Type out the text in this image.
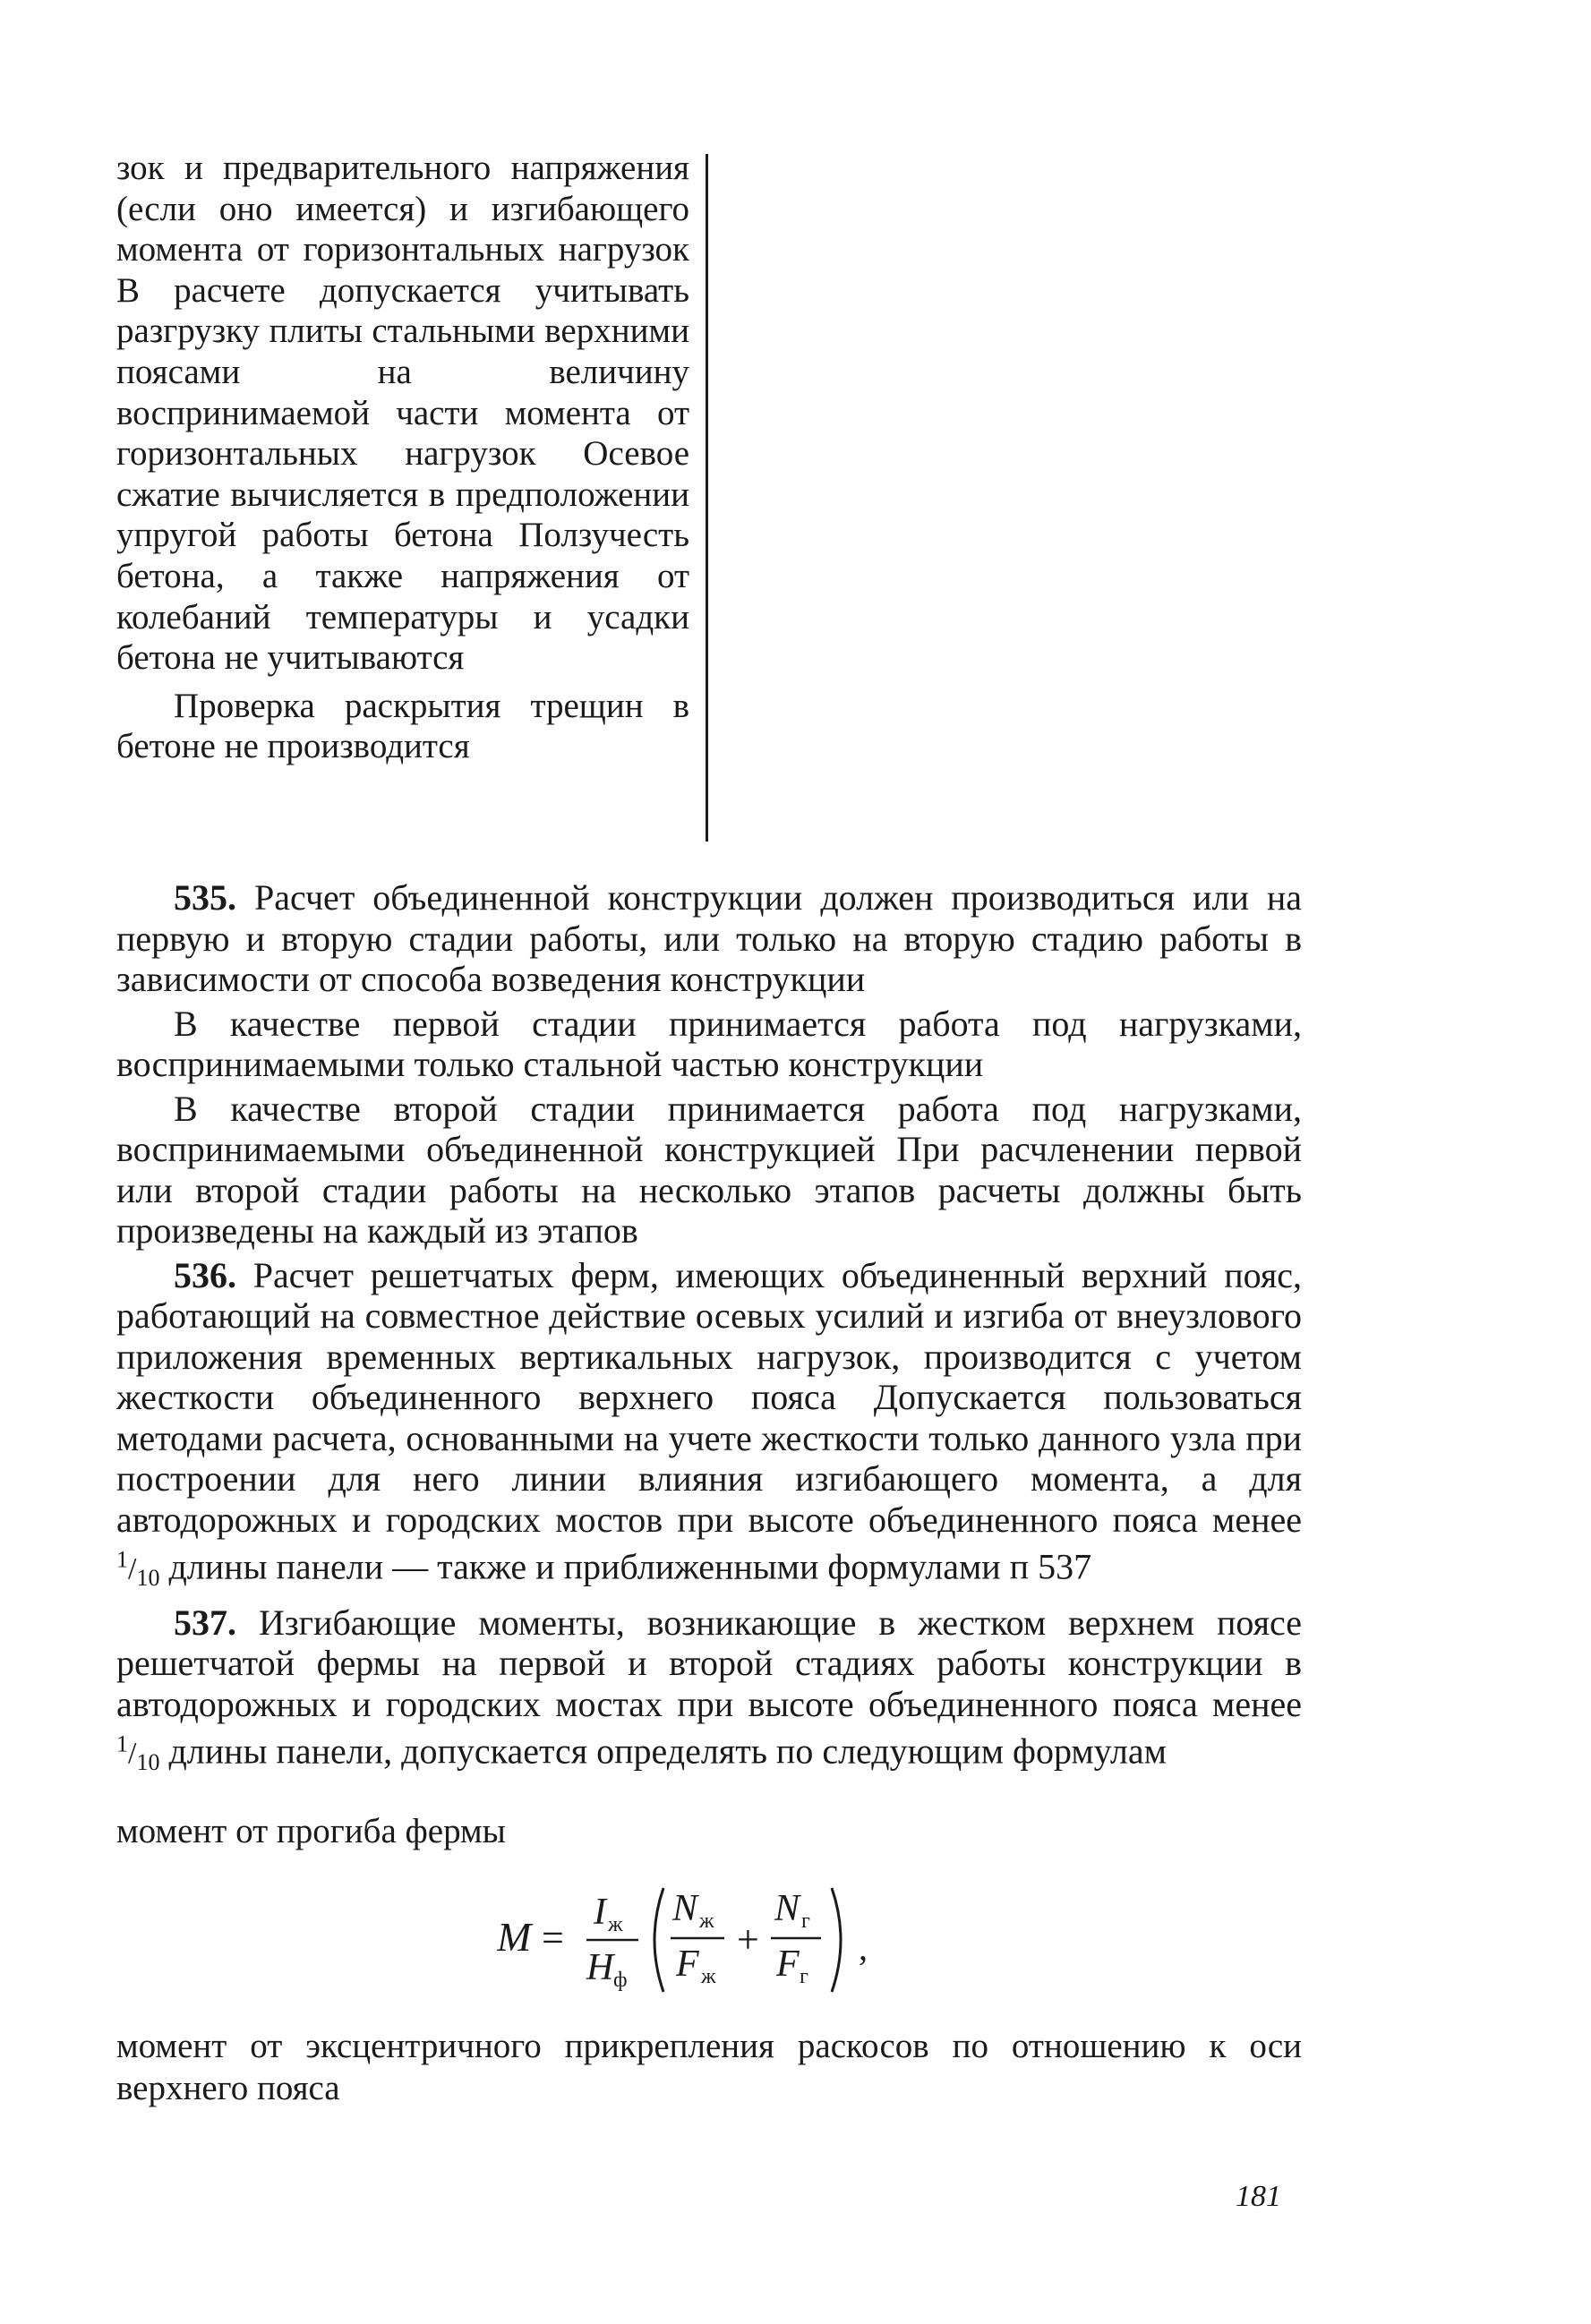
зок и предварительного напряжения (если оно имеется) и изгибающего момента от горизонтальных нагрузок В расчете допускается учитывать разгрузку плиты стальными верхними поясами на величину воспринимаемой части момента от горизонтальных нагрузок Осевое сжатие вычисляется в предположении упругой работы бетона Ползучесть бетона, а также напряжения от колебаний температуры и усадки бетона не учитываются

Проверка раскрытия трещин в бетоне не производится

535. Расчет объединенной конструкции должен производиться или на первую и вторую стадии работы, или только на вторую стадию работы в зависимости от способа возведения конструкции

В качестве первой стадии принимается работа под нагрузками, воспринимаемыми только стальной частью конструкции

В качестве второй стадии принимается работа под нагрузками, воспринимаемыми объединенной конструкцией При расчленении первой или второй стадии работы на несколько этапов расчеты должны быть произведены на каждый из этапов

536. Расчет решетчатых ферм, имеющих объединенный верхний пояс, работающий на совместное действие осевых усилий и изгиба от внеузлового приложения временных вертикальных нагрузок, производится с учетом жесткости объединенного верхнего пояса Допускается пользоваться методами расчета, основанными на учете жесткости только данного узла при построении для него линии влияния изгибающего момента, а для автодорожных и городских мостов при высоте объединенного пояса менее $^1/_{10}$ длины панели — также и приближенными формулами п 537

537. Изгибающие моменты, возникающие в жестком верхнем поясе решетчатой фермы на первой и второй стадиях работы конструкции в автодорожных и городских мостах при высоте объединенного пояса менее $^1/_{10}$ длины панели, допускается определять по следующим формулам

момент от прогиба фермы
M =
I ж
H ф
N ж
F ж
+
N г
F г
,

момент от эксцентричного прикрепления раскосов по отношению к оси верхнего пояса

181
